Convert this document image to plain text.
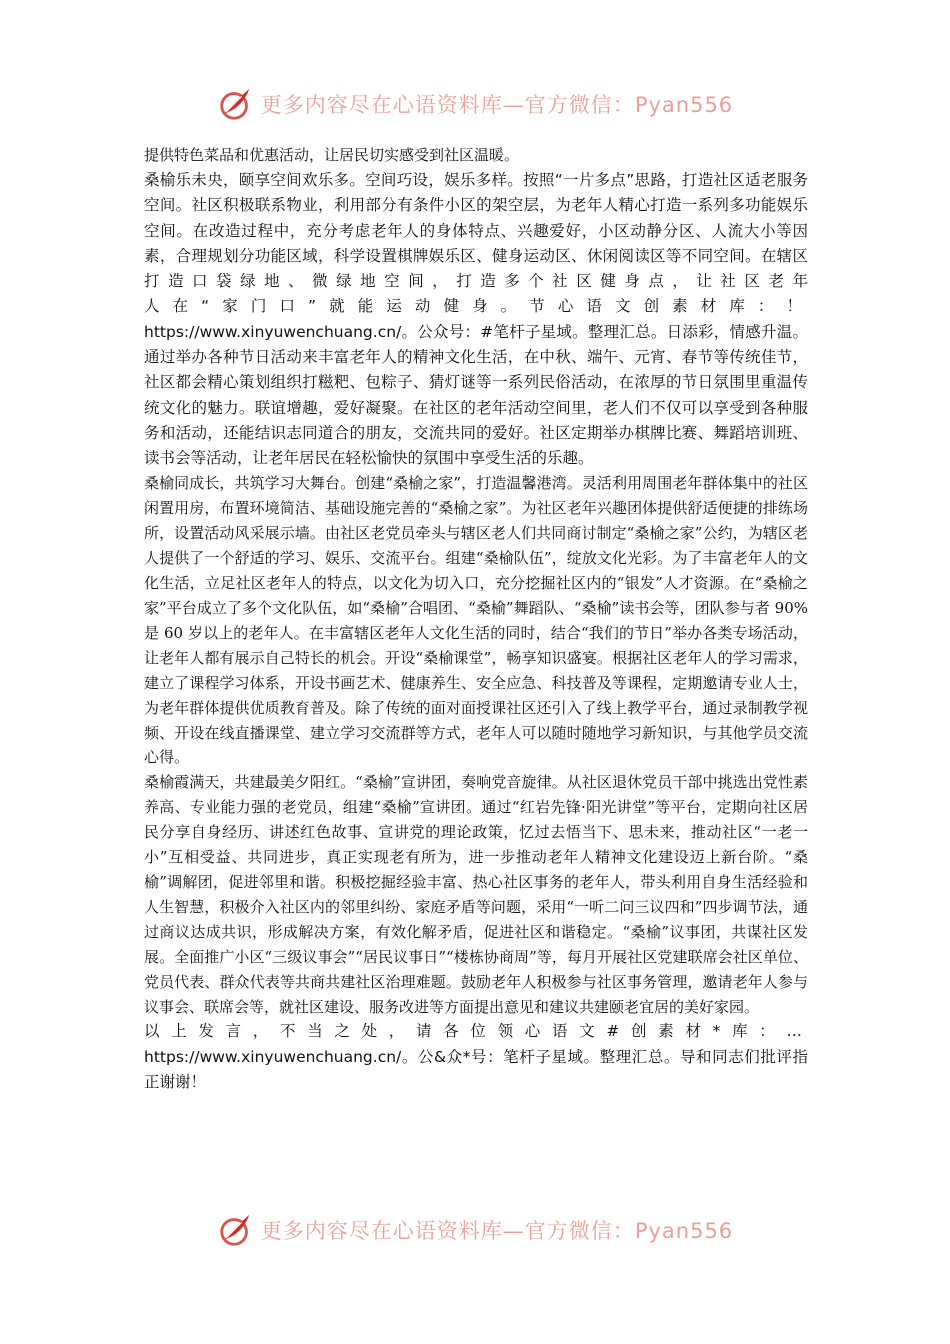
更多内容尽在心语资料库—官方微信：Pyan556

提供特色菜品和优惠活动，让居民切实感受到社区温暖。

桑榆乐未央，颐享空间欢乐多。空间巧设，娱乐多样。按照“一片多点”思路，打造社区适老服务空间。社区积极联系物业，利用部分有条件小区的架空层，为老年人精心打造一系列多功能娱乐空间。在改造过程中，充分考虑老年人的身体特点、兴趣爱好，小区动静分区、人流大小等因素，合理规划分功能区域，科学设置棋牌娱乐区、健身运动区、休闲阅读区等不同空间。在辖区打造口袋绿地、微绿地空间，打造多个社区健身点，让社区老年人在“家门口”就能运动健身。节心语文创素材库：！ https://www.xinyuwenchuang.cn/。公众号：#笔杆子星域。整理汇总。日添彩，情感升温。通过举办各种节日活动来丰富老年人的精神文化生活，在中秋、端午、元宵、春节等传统佳节，社区都会精心策划组织打糍粑、包粽子、猜灯谜等一系列民俗活动，在浓厚的节日氛围里重温传统文化的魅力。联谊增趣，爱好凝聚。在社区的老年活动空间里，老人们不仅可以享受到各种服务和活动，还能结识志同道合的朋友，交流共同的爱好。社区定期举办棋牌比赛、舞蹈培训班、读书会等活动，让老年居民在轻松愉快的氛围中享受生活的乐趣。

桑榆同成长，共筑学习大舞台。创建“桑榆之家”，打造温馨港湾。灵活利用周围老年群体集中的社区闲置用房，布置环境简洁、基础设施完善的“桑榆之家”。为社区老年兴趣团体提供舒适便捷的排练场所，设置活动风采展示墙。由社区老党员牵头与辖区老人们共同商讨制定“桑榆之家”公约，为辖区老人提供了一个舒适的学习、娱乐、交流平台。组建“桑榆队伍”，绽放文化光彩。为了丰富老年人的文化生活，立足社区老年人的特点，以文化为切入口，充分挖掘社区内的“银发”人才资源。在“桑榆之家”平台成立了多个文化队伍，如“桑榆”合唱团、“桑榆”舞蹈队、“桑榆”读书会等，团队参与者 90%是 60 岁以上的老年人。在丰富辖区老年人文化生活的同时，结合“我们的节日”举办各类专场活动，让老年人都有展示自己特长的机会。开设“桑榆课堂”，畅享知识盛宴。根据社区老年人的学习需求，建立了课程学习体系，开设书画艺术、健康养生、安全应急、科技普及等课程，定期邀请专业人士，为老年群体提供优质教育普及。除了传统的面对面授课社区还引入了线上教学平台，通过录制教学视频、开设在线直播课堂、建立学习交流群等方式，老年人可以随时随地学习新知识，与其他学员交流心得。

桑榆霞满天，共建最美夕阳红。“桑榆”宣讲团，奏响党音旋律。从社区退休党员干部中挑选出党性素养高、专业能力强的老党员，组建“桑榆”宣讲团。通过“红岩先锋·阳光讲堂”等平台，定期向社区居民分享自身经历、讲述红色故事、宣讲党的理论政策，忆过去悟当下、思未来，推动社区“一老一小”互相受益、共同进步，真正实现老有所为，进一步推动老年人精神文化建设迈上新台阶。“桑榆”调解团，促进邻里和谐。积极挖掘经验丰富、热心社区事务的老年人，带头利用自身生活经验和人生智慧，积极介入社区内的邻里纠纷、家庭矛盾等问题，采用“一听二问三议四和”四步调节法，通过商议达成共识，形成解决方案，有效化解矛盾，促进社区和谐稳定。“桑榆”议事团，共谋社区发展。全面推广小区“三级议事会”“居民议事日”“楼栋协商周”等，每月开展社区党建联席会社区单位、党员代表、群众代表等共商共建社区治理难题。鼓励老年人积极参与社区事务管理，邀请老年人参与议事会、联席会等，就社区建设、服务改进等方面提出意见和建议共建颐老宜居的美好家园。

以上发言，不当之处，请各位领心语文#创素材*库：… https://www.xinyuwenchuang.cn/。公&众*号：笔杆子星域。整理汇总。导和同志们批评指正谢谢！

更多内容尽在心语资料库—官方微信：Pyan556
